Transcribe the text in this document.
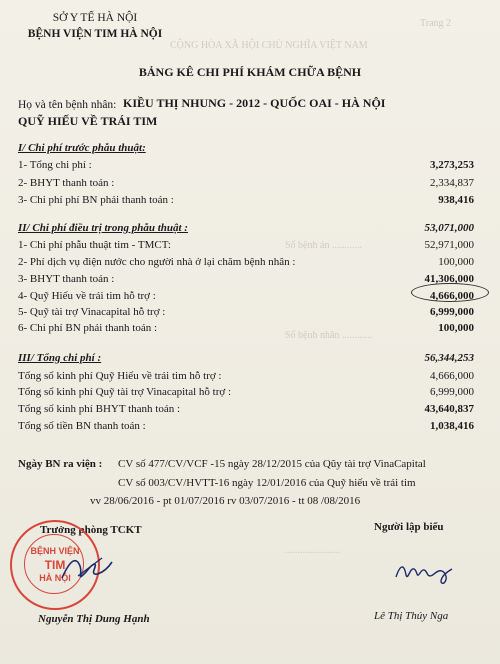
CỘNG HÒA XÃ HỘI CHỦ NGHĨA VIỆT NAM
Trang 2
Số bệnh án ............
Số bệnh nhân ............
......................
SỞ Y TẾ HÀ NỘI
BỆNH VIỆN TIM HÀ NỘI
BẢNG KÊ CHI PHÍ KHÁM CHỮA BỆNH
Họ và tên bệnh nhân: KIỀU THỊ NHUNG - 2012 - QUỐC OAI - HÀ NỘI
QUỸ HIẾU VỀ TRÁI TIM
I/ Chi phí trước phẫu thuật:
1- Tổng chi phí :	3,273,253
2- BHYT thanh toán :	2,334,837
3- Chi phí phí BN phải thanh toán :	938,416
II/ Chi phí điều trị trong phẫu thuật :	53,071,000
1- Chi phí phẫu thuật tim - TMCT:	52,971,000
2- Phí dịch vụ điện nước cho người nhà ở lại chăm bệnh nhân :	100,000
3- BHYT thanh toán :	41,306,000
4- Quỹ Hiếu về trái tim hỗ trợ :	4,666,000
5- Quỹ tài trợ Vinacapital hỗ trợ :	6,999,000
6- Chi phí BN phải thanh toán :	100,000
III/ Tổng chi phí :	56,344,253
Tổng số kinh phí Quỹ Hiếu về trái tim hỗ trợ :	4,666,000
Tổng số kinh phí Quỹ tài trợ Vinacapital hỗ trợ :	6,999,000
Tổng số kinh phí BHYT thanh toán :	43,640,837
Tổng số tiền BN thanh toán :	1,038,416
Ngày BN ra viện : CV số 477/CV/VCF -15 ngày 28/12/2015 của Qũy tài trợ VinaCapital
CV số 003/CV/HVTT-16 ngày 12/01/2016 của Quỹ hiếu về trái tim
vv 28/06/2016 - pt 01/07/2016 rv 03/07/2016 - tt 08 /08/2016
Trưởng phòng TCKT	Người lập biểu
BỆNH VIỆN
TIM
HÀ NỘI
Nguyễn Thị Dung Hạnh	Lê Thị Thúy Nga
